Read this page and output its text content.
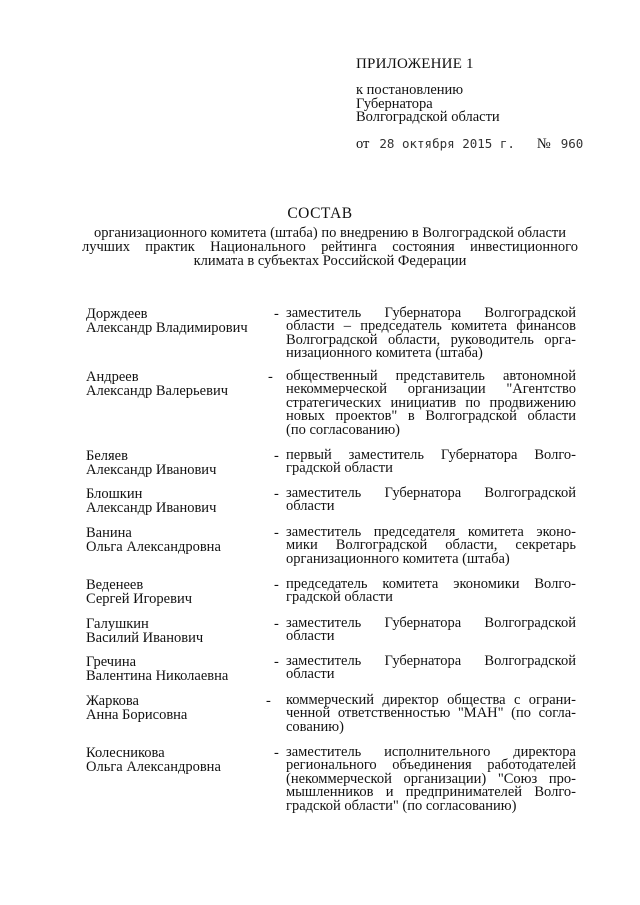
ПРИЛОЖЕНИЕ 1
к постановлению
Губернатора
Волгоградской области
от 28 октября 2015 г. № 960
СОСТАВ
организационного комитета (штаба) по внедрению в Волгоградской области
лучших практик Национального рейтинга состояния инвестиционного
климата в субъектах Российской Федерации
Дорждеев
Александр Владимирович
- заместитель Губернатора Волгоградской
области – председатель комитета финансов
Волгоградской области, руководитель орга-
низационного комитета (штаба)
Андреев
Александр Валерьевич
- общественный представитель автономной
некоммерческой организации "Агентство
стратегических инициатив по продвижению
новых проектов" в Волгоградской области
(по согласованию)
Беляев
Александр Иванович
- первый заместитель Губернатора Волго-
градской области
Блошкин
Александр Иванович
- заместитель Губернатора Волгоградской
области
Ванина
Ольга Александровна
- заместитель председателя комитета эконо-
мики Волгоградской области, секретарь
организационного комитета (штаба)
Веденеев
Сергей Игоревич
- председатель комитета экономики Волго-
градской области
Галушкин
Василий Иванович
- заместитель Губернатора Волгоградской
области
Гречина
Валентина Николаевна
- заместитель Губернатора Волгоградской
области
Жаркова
Анна Борисовна
- коммерческий директор общества с ограни-
ченной ответственностью "МАН" (по согла-
сованию)
Колесникова
Ольга Александровна
- заместитель исполнительного директора
регионального объединения работодателей
(некоммерческой организации) "Союз про-
мышленников и предпринимателей Волго-
градской области" (по согласованию)
